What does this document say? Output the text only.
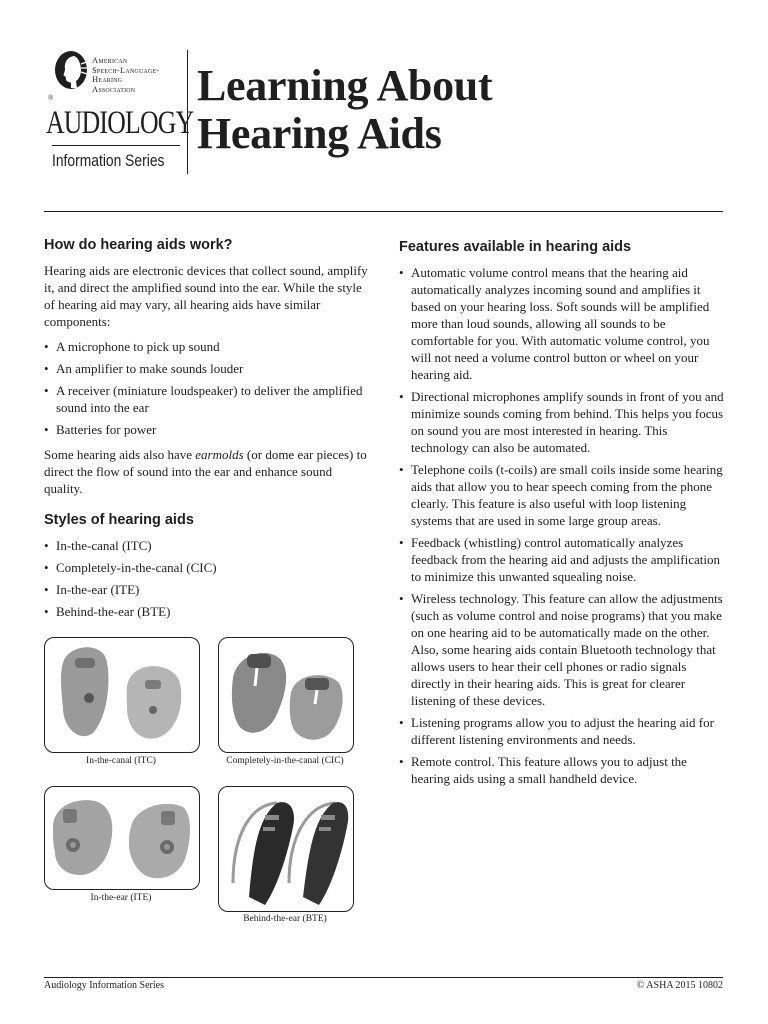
American
Speech-Language-
Hearing
Association
®
AUDIOLOGY
Information Series
Learning About
Hearing Aids
How do hearing aids work?

Hearing aids are electronic devices that collect sound, amplify it, and direct the amplified sound into the ear. While the style of hearing aid may vary, all hearing aids have similar components:

• A microphone to pick up sound
• An amplifier to make sounds louder
• A receiver (miniature loudspeaker) to deliver the amplified sound into the ear
• Batteries for power

Some hearing aids also have earmolds (or dome ear pieces) to direct the flow of sound into the ear and enhance sound quality.

Styles of hearing aids
• In-the-canal (ITC)
• Completely-in-the-canal (CIC)
• In-the-ear (ITE)
• Behind-the-ear (BTE)
In-the-canal (ITC)	Completely-in-the-canal (CIC)
In-the-ear (ITE)
Behind-the-ear (BTE)
Features available in hearing aids
• Automatic volume control means that the hearing aid automatically analyzes incoming sound and amplifies it based on your hearing loss. Soft sounds will be amplified more than loud sounds, allowing all sounds to be comfortable for you. With automatic volume control, you will not need a volume control button or wheel on your hearing aid.
• Directional microphones amplify sounds in front of you and minimize sounds coming from behind. This helps you focus on sound you are most interested in hearing. This technology can also be automated.
• Telephone coils (t-coils) are small coils inside some hearing aids that allow you to hear speech coming from the phone clearly. This feature is also useful with loop listening systems that are used in some large group areas.
• Feedback (whistling) control automatically analyzes feedback from the hearing aid and adjusts the amplification to minimize this unwanted squealing noise.
• Wireless technology. This feature can allow the adjustments (such as volume control and noise programs) that you make on one hearing aid to be automatically made on the other. Also, some hearing aids contain Bluetooth technology that allows users to hear their cell phones or radio signals directly in their hearing aids. This is great for clearer listening of these devices.
• Listening programs allow you to adjust the hearing aid for different listening environments and needs.
• Remote control. This feature allows you to adjust the hearing aids using a small handheld device.
Audiology Information Series	© ASHA 2015 10802
